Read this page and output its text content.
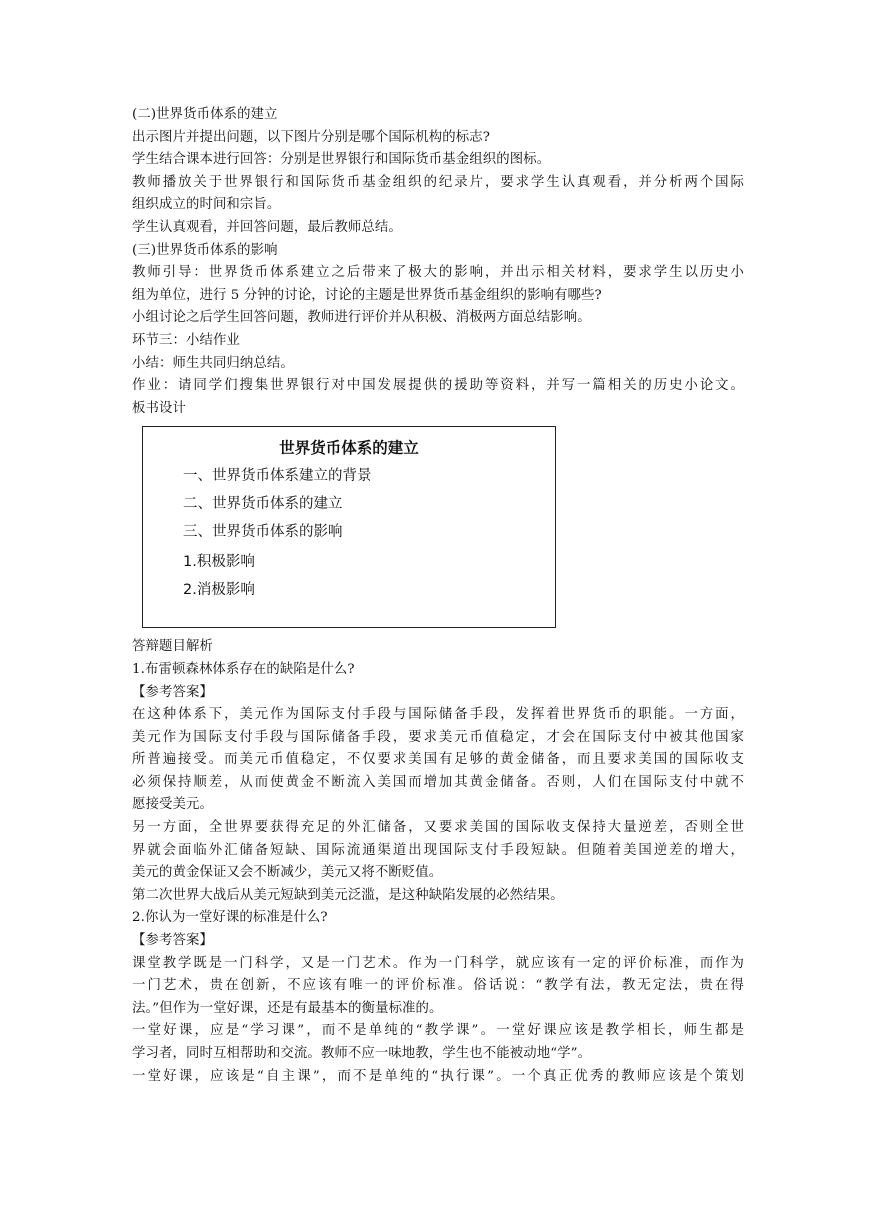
(二)世界货币体系的建立
出示图片并提出问题，以下图片分别是哪个国际机构的标志?
学生结合课本进行回答：分别是世界银行和国际货币基金组织的图标。
教师播放关于世界银行和国际货币基金组织的纪录片，要求学生认真观看，并分析两个国际
组织成立的时间和宗旨。
学生认真观看，并回答问题，最后教师总结。
(三)世界货币体系的影响
教师引导：世界货币体系建立之后带来了极大的影响，并出示相关材料，要求学生以历史小
组为单位，进行 5 分钟的讨论，讨论的主题是世界货币基金组织的影响有哪些?
小组讨论之后学生回答问题，教师进行评价并从积极、消极两方面总结影响。
环节三：小结作业
小结：师生共同归纳总结。
作业：请同学们搜集世界银行对中国发展提供的援助等资料，并写一篇相关的历史小论文。
板书设计
世界货币体系的建立
一、世界货币体系建立的背景
二、世界货币体系的建立
三、世界货币体系的影响
1.积极影响
2.消极影响
答辩题目解析
1.布雷顿森林体系存在的缺陷是什么?
【参考答案】
在这种体系下，美元作为国际支付手段与国际储备手段，发挥着世界货币的职能。一方面，
美元作为国际支付手段与国际储备手段，要求美元币值稳定，才会在国际支付中被其他国家
所普遍接受。而美元币值稳定，不仅要求美国有足够的黄金储备，而且要求美国的国际收支
必须保持顺差，从而使黄金不断流入美国而增加其黄金储备。否则，人们在国际支付中就不
愿接受美元。
另一方面，全世界要获得充足的外汇储备，又要求美国的国际收支保持大量逆差，否则全世
界就会面临外汇储备短缺、国际流通渠道出现国际支付手段短缺。但随着美国逆差的增大，
美元的黄金保证又会不断减少，美元又将不断贬值。
第二次世界大战后从美元短缺到美元泛滥，是这种缺陷发展的必然结果。
2.你认为一堂好课的标准是什么?
【参考答案】
课堂教学既是一门科学，又是一门艺术。作为一门科学，就应该有一定的评价标准，而作为
一门艺术，贵在创新，不应该有唯一的评价标准。俗话说：“教学有法，教无定法，贵在得
法。”但作为一堂好课，还是有最基本的衡量标准的。
一堂好课，应是“学习课”，而不是单纯的“教学课”。一堂好课应该是教学相长，师生都是
学习者，同时互相帮助和交流。教师不应一味地教，学生也不能被动地“学”。
一堂好课，应该是“自主课”，而不是单纯的“执行课”。一个真正优秀的教师应该是个策划
